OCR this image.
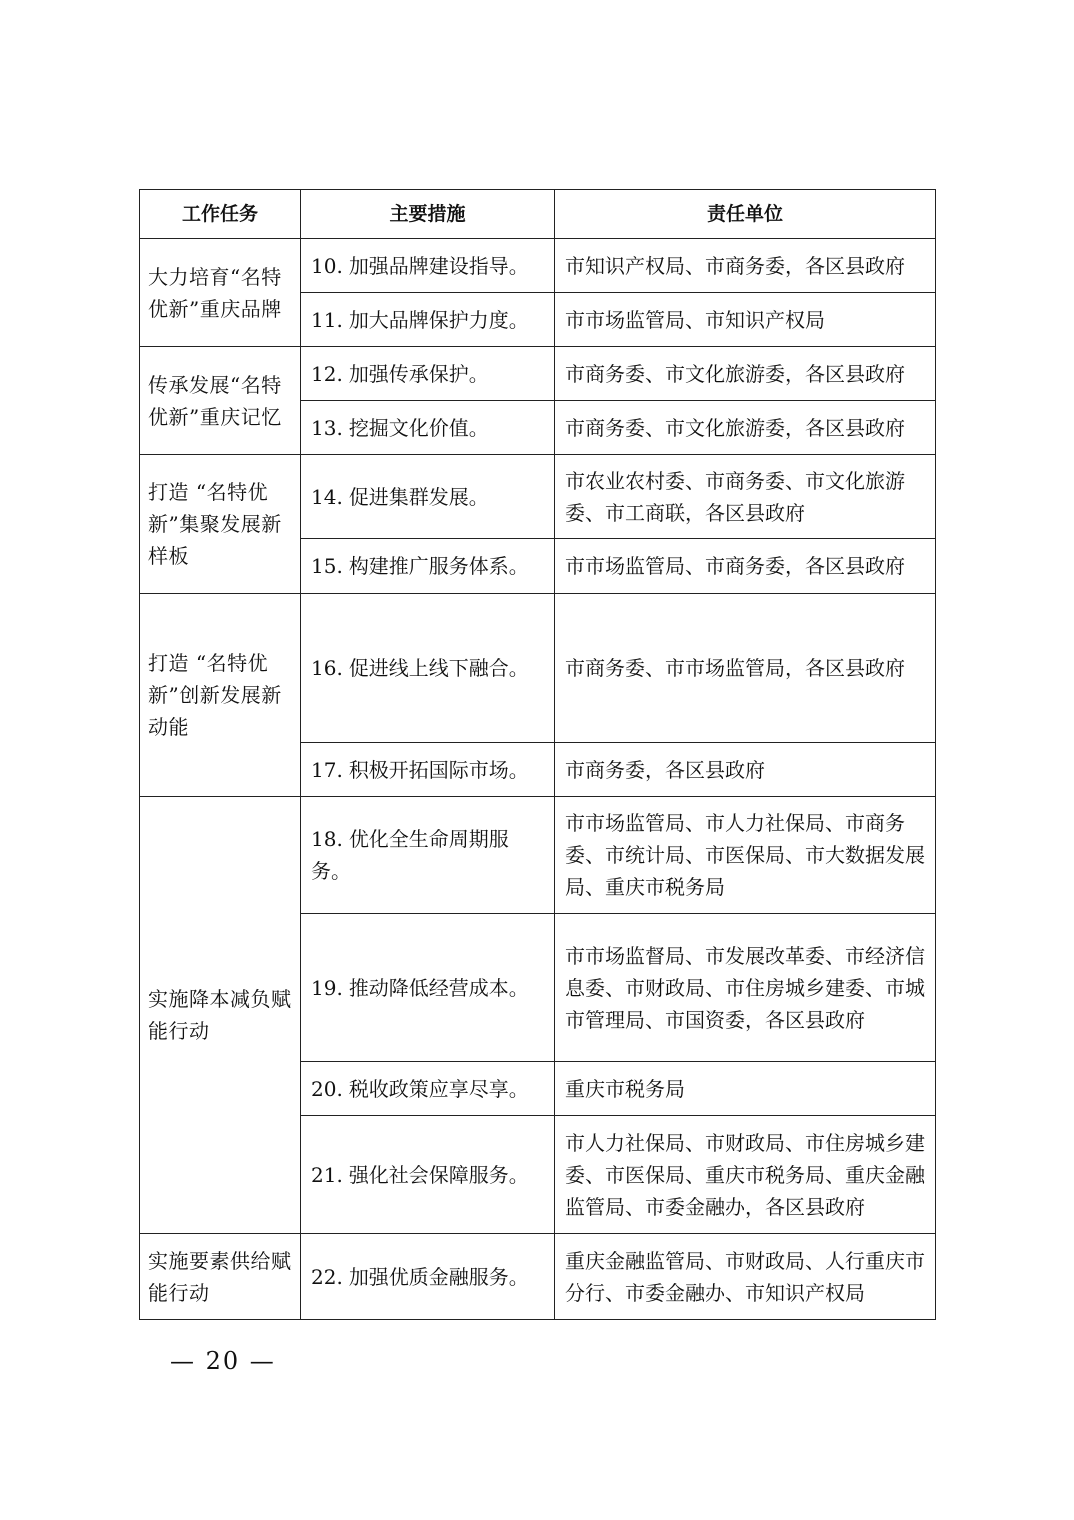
工作任务	主要措施	责任单位
大力培育“名特优新”重庆品牌	10. 加强品牌建设指导。	市知识产权局、市商务委，各区县政府
	11. 加大品牌保护力度。	市市场监管局、市知识产权局
传承发展“名特优新”重庆记忆	12. 加强传承保护。	市商务委、市文化旅游委，各区县政府
	13. 挖掘文化价值。	市商务委、市文化旅游委，各区县政府
打造 “名特优新”集聚发展新样板	14. 促进集群发展。	市农业农村委、市商务委、市文化旅游委、市工商联，各区县政府
	15. 构建推广服务体系。	市市场监管局、市商务委，各区县政府
打造 “名特优新”创新发展新动能	16. 促进线上线下融合。	市商务委、市市场监管局，各区县政府
	17. 积极开拓国际市场。	市商务委，各区县政府
实施降本减负赋能行动	18. 优化全生命周期服务。	市市场监管局、市人力社保局、市商务委、市统计局、市医保局、市大数据发展局、重庆市税务局
	19. 推动降低经营成本。	市市场监督局、市发展改革委、市经济信息委、市财政局、市住房城乡建委、市城市管理局、市国资委，各区县政府
	20. 税收政策应享尽享。	重庆市税务局
	21. 强化社会保障服务。	市人力社保局、市财政局、市住房城乡建委、市医保局、重庆市税务局、重庆金融监管局、市委金融办，各区县政府
实施要素供给赋能行动	22. 加强优质金融服务。	重庆金融监管局、市财政局、人行重庆市分行、市委金融办、市知识产权局
— 20 —
